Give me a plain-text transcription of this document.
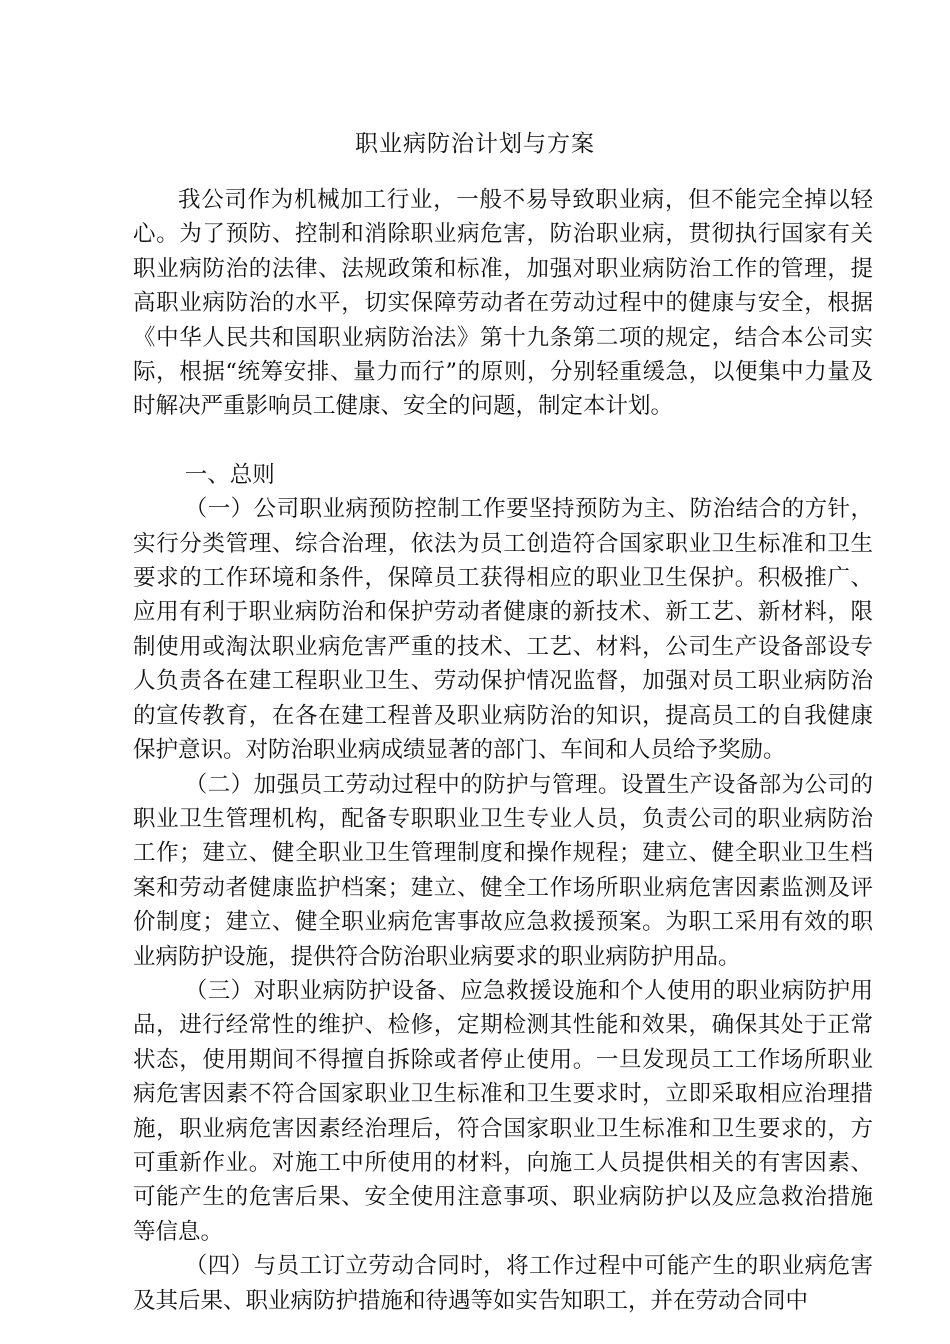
职业病防治计划与方案

我公司作为机械加工行业，一般不易导致职业病，但不能完全掉以轻心。为了预防、控制和消除职业病危害，防治职业病，贯彻执行国家有关职业病防治的法律、法规政策和标准，加强对职业病防治工作的管理，提高职业病防治的水平，切实保障劳动者在劳动过程中的健康与安全，根据《中华人民共和国职业病防治法》第十九条第二项的规定，结合本公司实际，根据“统筹安排、量力而行”的原则，分别轻重缓急，以便集中力量及时解决严重影响员工健康、安全的问题，制定本计划。

一、总则

（一）公司职业病预防控制工作要坚持预防为主、防治结合的方针，实行分类管理、综合治理，依法为员工创造符合国家职业卫生标准和卫生要求的工作环境和条件，保障员工获得相应的职业卫生保护。积极推广、应用有利于职业病防治和保护劳动者健康的新技术、新工艺、新材料，限制使用或淘汰职业病危害严重的技术、工艺、材料，公司生产设备部设专人负责各在建工程职业卫生、劳动保护情况监督，加强对员工职业病防治的宣传教育，在各在建工程普及职业病防治的知识，提高员工的自我健康保护意识。对防治职业病成绩显著的部门、车间和人员给予奖励。

（二）加强员工劳动过程中的防护与管理。设置生产设备部为公司的职业卫生管理机构，配备专职职业卫生专业人员，负责公司的职业病防治工作；建立、健全职业卫生管理制度和操作规程；建立、健全职业卫生档案和劳动者健康监护档案；建立、健全工作场所职业病危害因素监测及评价制度；建立、健全职业病危害事故应急救援预案。为职工采用有效的职业病防护设施，提供符合防治职业病要求的职业病防护用品。

（三）对职业病防护设备、应急救援设施和个人使用的职业病防护用品，进行经常性的维护、检修，定期检测其性能和效果，确保其处于正常状态，使用期间不得擅自拆除或者停止使用。一旦发现员工工作场所职业病危害因素不符合国家职业卫生标准和卫生要求时，立即采取相应治理措施，职业病危害因素经治理后，符合国家职业卫生标准和卫生要求的，方可重新作业。对施工中所使用的材料，向施工人员提供相关的有害因素、可能产生的危害后果、安全使用注意事项、职业病防护以及应急救治措施等信息。

（四）与员工订立劳动合同时，将工作过程中可能产生的职业病危害及其后果、职业病防护措施和待遇等如实告知职工，并在劳动合同中
